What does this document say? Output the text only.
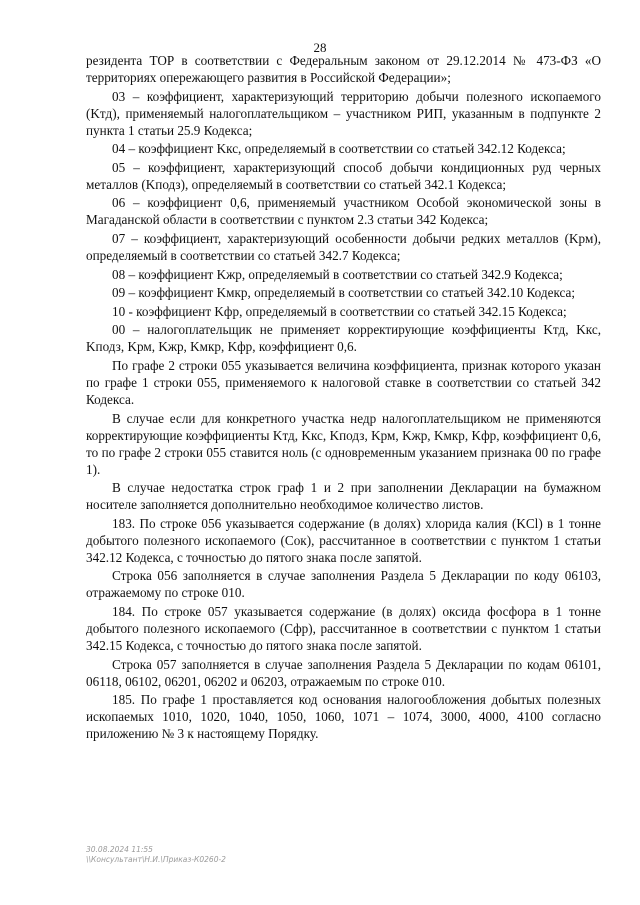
28

резидента ТОР в соответствии с Федеральным законом от 29.12.2014 № 473-ФЗ «О территориях опережающего развития в Российской Федерации»;

03 – коэффициент, характеризующий территорию добычи полезного ископаемого (Kтд), применяемый налогоплательщиком – участником РИП, указанным в подпункте 2 пункта 1 статьи 25.9 Кодекса;

04 – коэффициент Kкс, определяемый в соответствии со статьей 342.12 Кодекса;

05 – коэффициент, характеризующий способ добычи кондиционных руд черных металлов (Kподз), определяемый в соответствии со статьей 342.1 Кодекса;

06 – коэффициент 0,6, применяемый участником Особой экономической зоны в Магаданской области в соответствии с пунктом 2.3 статьи 342 Кодекса;

07 – коэффициент, характеризующий особенности добычи редких металлов (Kрм), определяемый в соответствии со статьей 342.7 Кодекса;

08 – коэффициент Kжр, определяемый в соответствии со статьей 342.9 Кодекса;

09 – коэффициент Kмкр, определяемый в соответствии со статьей 342.10 Кодекса;

10 - коэффициент Kфр, определяемый в соответствии со статьей 342.15 Кодекса;

00 – налогоплательщик не применяет корректирующие коэффициенты Kтд, Kкс, Kподз, Kрм, Kжр, Kмкр, Kфр, коэффициент 0,6.

По графе 2 строки 055 указывается величина коэффициента, признак которого указан по графе 1 строки 055, применяемого к налоговой ставке в соответствии со статьей 342 Кодекса.

В случае если для конкретного участка недр налогоплательщиком не применяются корректирующие коэффициенты Kтд, Kкс, Kподз, Kрм, Kжр, Kмкр, Kфр, коэффициент 0,6, то по графе 2 строки 055 ставится ноль (с одновременным указанием признака 00 по графе 1).

В случае недостатка строк граф 1 и 2 при заполнении Декларации на бумажном носителе заполняется дополнительно необходимое количество листов.

183. По строке 056 указывается содержание (в долях) хлорида калия (KCl) в 1 тонне добытого полезного ископаемого (Cок), рассчитанное в соответствии с пунктом 1 статьи 342.12 Кодекса, с точностью до пятого знака после запятой.

Строка 056 заполняется в случае заполнения Раздела 5 Декларации по коду 06103, отражаемому по строке 010.

184. По строке 057 указывается содержание (в долях) оксида фосфора в 1 тонне добытого полезного ископаемого (Cфр), рассчитанное в соответствии с пунктом 1 статьи 342.15 Кодекса, с точностью до пятого знака после запятой.

Строка 057 заполняется в случае заполнения Раздела 5 Декларации по кодам 06101, 06118, 06102, 06201, 06202 и 06203, отражаемым по строке 010.

185. По графе 1 проставляется код основания налогообложения добытых полезных ископаемых 1010, 1020, 1040, 1050, 1060, 1071 – 1074, 3000, 4000, 4100 согласно приложению № 3 к настоящему Порядку.

30.08.2024 11:55
\\Консультант\Н.И.\Приказ-К0260-2
